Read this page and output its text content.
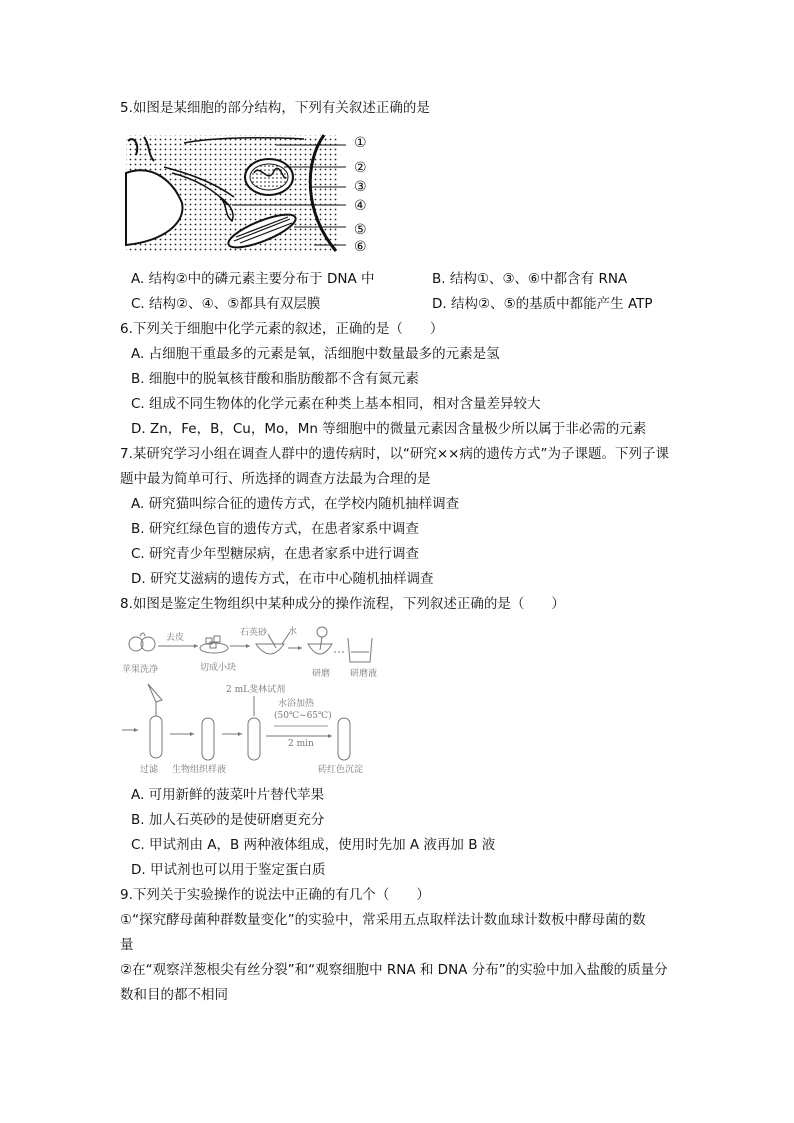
5.如图是某细胞的部分结构，下列有关叙述正确的是
①
②
③
④
⑤
⑥
A. 结构②中的磷元素主要分布于 DNA 中	B. 结构①、③、⑥中都含有 RNA
C. 结构②、④、⑤都具有双层膜	D. 结构②、⑤的基质中都能产生 ATP
6.下列关于细胞中化学元素的叙述，正确的是（　　）
A. 占细胞干重最多的元素是氧，活细胞中数量最多的元素是氢
B. 细胞中的脱氧核苷酸和脂肪酸都不含有氮元素
C. 组成不同生物体的化学元素在种类上基本相同，相对含量差异较大
D. Zn，Fe，B，Cu，Mo，Mn 等细胞中的微量元素因含量极少所以属于非必需的元素
7.某研究学习小组在调查人群中的遗传病时，以“研究××病的遗传方式”为子课题。下列子课
题中最为简单可行、所选择的调查方法最为合理的是
A. 研究猫叫综合征的遗传方式，在学校内随机抽样调查
B. 研究红绿色盲的遗传方式，在患者家系中调查
C. 研究青少年型糖尿病，在患者家系中进行调查
D. 研究艾滋病的遗传方式，在市中心随机抽样调查
8.如图是鉴定生物组织中某种成分的操作流程，下列叙述正确的是（　　）
苹果洗净
去皮
切成小块
石英砂 水
研磨 研磨液
2 mL斐林试剂
水浴加热
(50℃~65℃)
2 min
过滤 生物组织样液	砖红色沉淀
A. 可用新鲜的菠菜叶片替代苹果
B. 加人石英砂的是使研磨更充分
C. 甲试剂由 A，B 两种液体组成，使用时先加 A 液再加 B 液
D. 甲试剂也可以用于鉴定蛋白质
9.下列关于实验操作的说法中正确的有几个（　　）
①“探究酵母菌种群数量变化”的实验中，常采用五点取样法计数血球计数板中酵母菌的数
量
②在“观察洋葱根尖有丝分裂”和“观察细胞中 RNA 和 DNA 分布”的实验中加入盐酸的质量分
数和目的都不相同
